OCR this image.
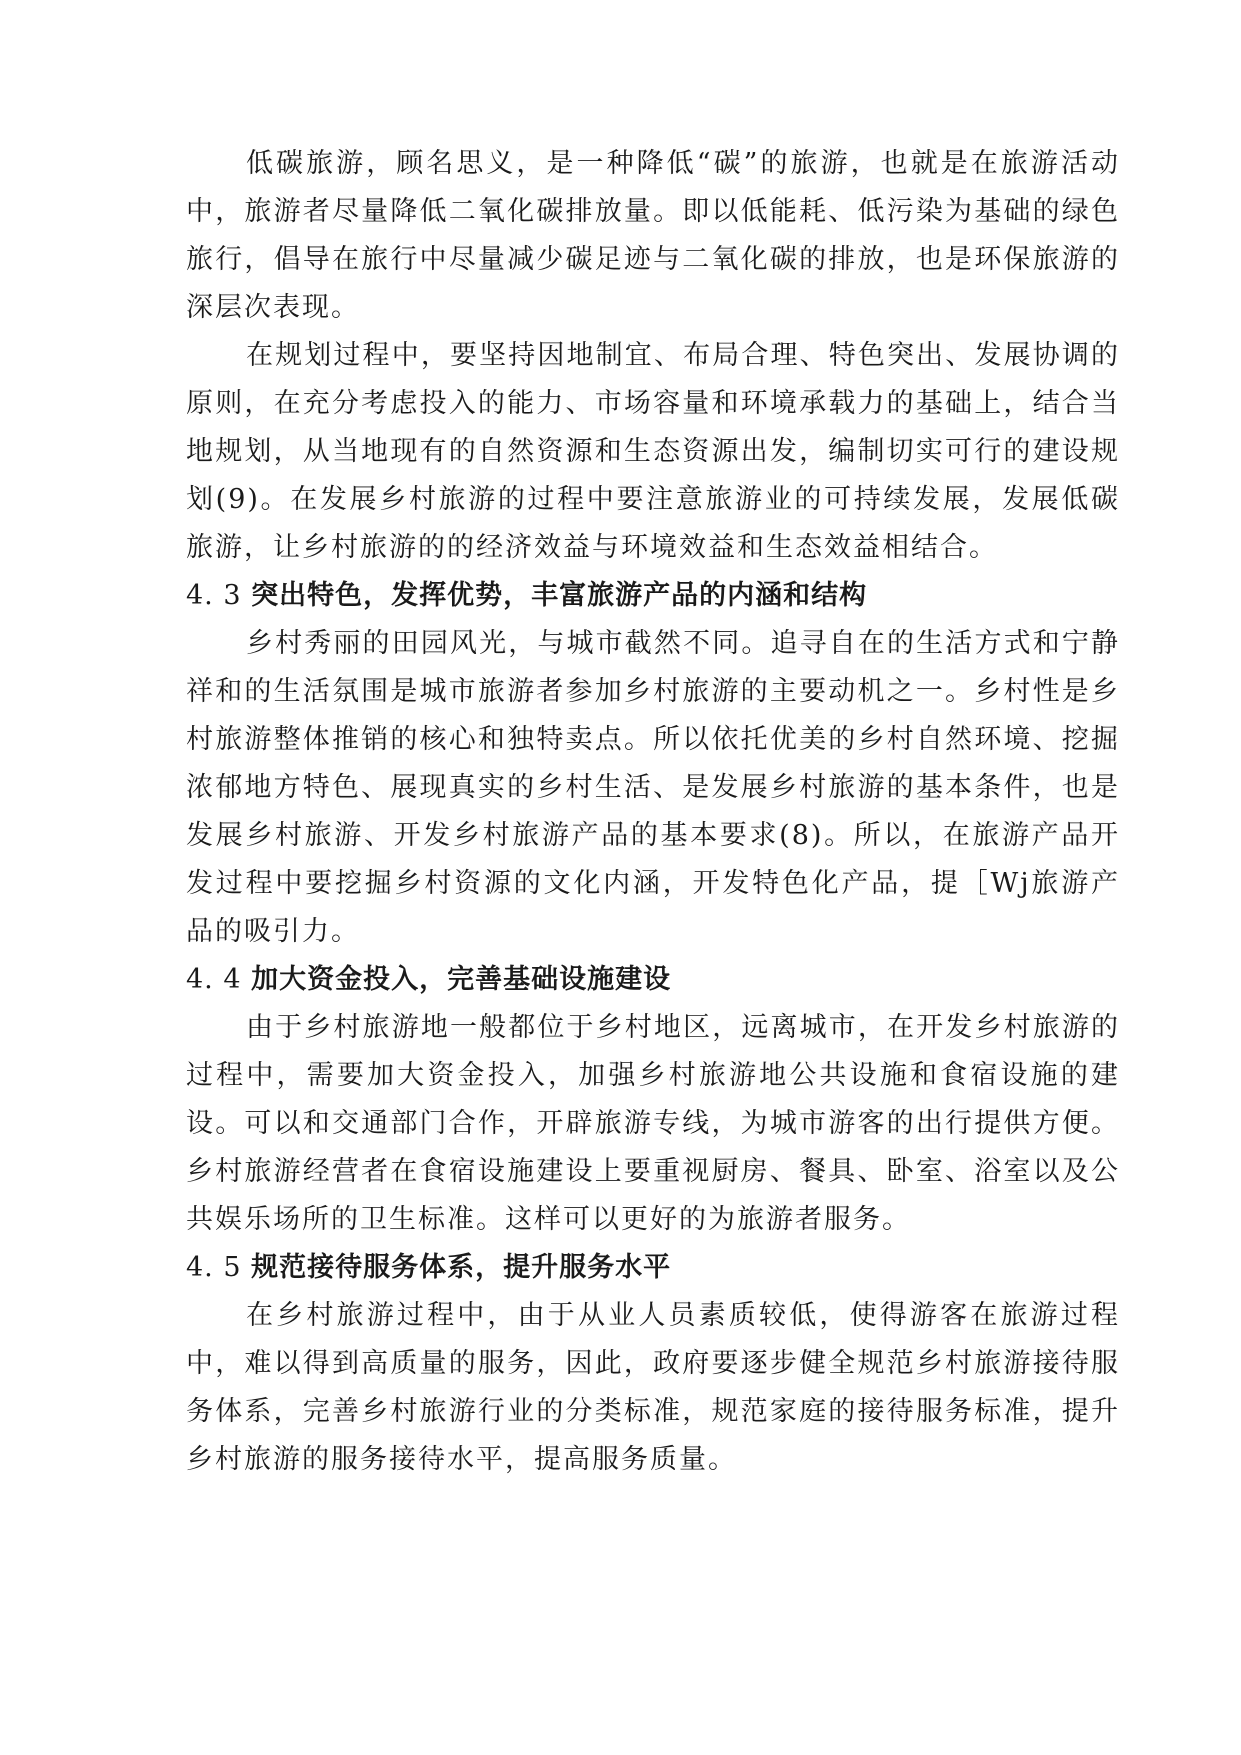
低碳旅游，顾名思义，是一种降低“碳”的旅游，也就是在旅游活动中，旅游者尽量降低二氧化碳排放量。即以低能耗、低污染为基础的绿色旅行，倡导在旅行中尽量减少碳足迹与二氧化碳的排放，也是环保旅游的深层次表现。

在规划过程中，要坚持因地制宜、布局合理、特色突出、发展协调的原则，在充分考虑投入的能力、市场容量和环境承载力的基础上，结合当地规划，从当地现有的自然资源和生态资源出发，编制切实可行的建设规划(9)。在发展乡村旅游的过程中要注意旅游业的可持续发展，发展低碳旅游，让乡村旅游的的经济效益与环境效益和生态效益相结合。

4. 3 突出特色，发挥优势，丰富旅游产品的内涵和结构

乡村秀丽的田园风光，与城市截然不同。追寻自在的生活方式和宁静祥和的生活氛围是城市旅游者参加乡村旅游的主要动机之一。乡村性是乡村旅游整体推销的核心和独特卖点。所以依托优美的乡村自然环境、挖掘浓郁地方特色、展现真实的乡村生活、是发展乡村旅游的基本条件，也是发展乡村旅游、开发乡村旅游产品的基本要求(8)。所以，在旅游产品开发过程中要挖掘乡村资源的文化内涵，开发特色化产品，提［Wj旅游产品的吸引力。

4. 4 加大资金投入，完善基础设施建设

由于乡村旅游地一般都位于乡村地区，远离城市，在开发乡村旅游的过程中，需要加大资金投入，加强乡村旅游地公共设施和食宿设施的建设。可以和交通部门合作，开辟旅游专线，为城市游客的出行提供方便。乡村旅游经营者在食宿设施建设上要重视厨房、餐具、卧室、浴室以及公共娱乐场所的卫生标准。这样可以更好的为旅游者服务。

4. 5 规范接待服务体系，提升服务水平

在乡村旅游过程中，由于从业人员素质较低，使得游客在旅游过程中，难以得到高质量的服务，因此，政府要逐步健全规范乡村旅游接待服务体系，完善乡村旅游行业的分类标准，规范家庭的接待服务标准，提升乡村旅游的服务接待水平，提高服务质量。
